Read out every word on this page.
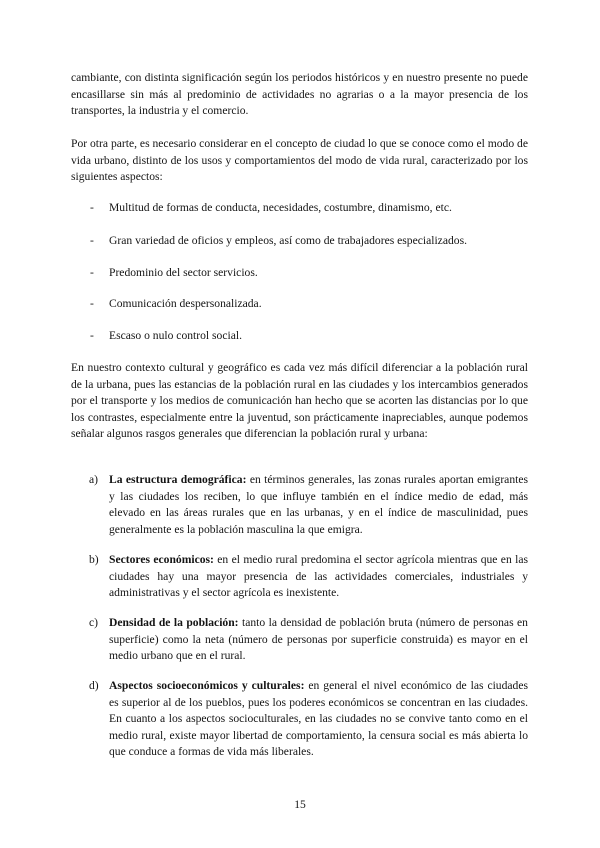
cambiante, con distinta significación según los periodos históricos y en nuestro presente no puede encasillarse sin más al predominio de actividades no agrarias o a la mayor presencia de los transportes, la industria y el comercio.

Por otra parte, es necesario considerar en el concepto de ciudad lo que se conoce como el modo de vida urbano, distinto de los usos y comportamientos del modo de vida rural, caracterizado por los siguientes aspectos:

- Multitud de formas de conducta, necesidades, costumbre, dinamismo, etc.
- Gran variedad de oficios y empleos, así como de trabajadores especializados.
- Predominio del sector servicios.
- Comunicación despersonalizada.
- Escaso o nulo control social.

En nuestro contexto cultural y geográfico es cada vez más difícil diferenciar a la población rural de la urbana, pues las estancias de la población rural en las ciudades y los intercambios generados por el transporte y los medios de comunicación han hecho que se acorten las distancias por lo que los contrastes, especialmente entre la juventud, son prácticamente inapreciables, aunque podemos señalar algunos rasgos generales que diferencian la población rural y urbana:

a) La estructura demográfica: en términos generales, las zonas rurales aportan emigrantes y las ciudades los reciben, lo que influye también en el índice medio de edad, más elevado en las áreas rurales que en las urbanas, y en el índice de masculinidad, pues generalmente es la población masculina la que emigra.
b) Sectores económicos: en el medio rural predomina el sector agrícola mientras que en las ciudades hay una mayor presencia de las actividades comerciales, industriales y administrativas y el sector agrícola es inexistente.
c) Densidad de la población: tanto la densidad de población bruta (número de personas en superficie) como la neta (número de personas por superficie construida) es mayor en el medio urbano que en el rural.
d) Aspectos socioeconómicos y culturales: en general el nivel económico de las ciudades es superior al de los pueblos, pues los poderes económicos se concentran en las ciudades. En cuanto a los aspectos socioculturales, en las ciudades no se convive tanto como en el medio rural, existe mayor libertad de comportamiento, la censura social es más abierta lo que conduce a formas de vida más liberales.

15
